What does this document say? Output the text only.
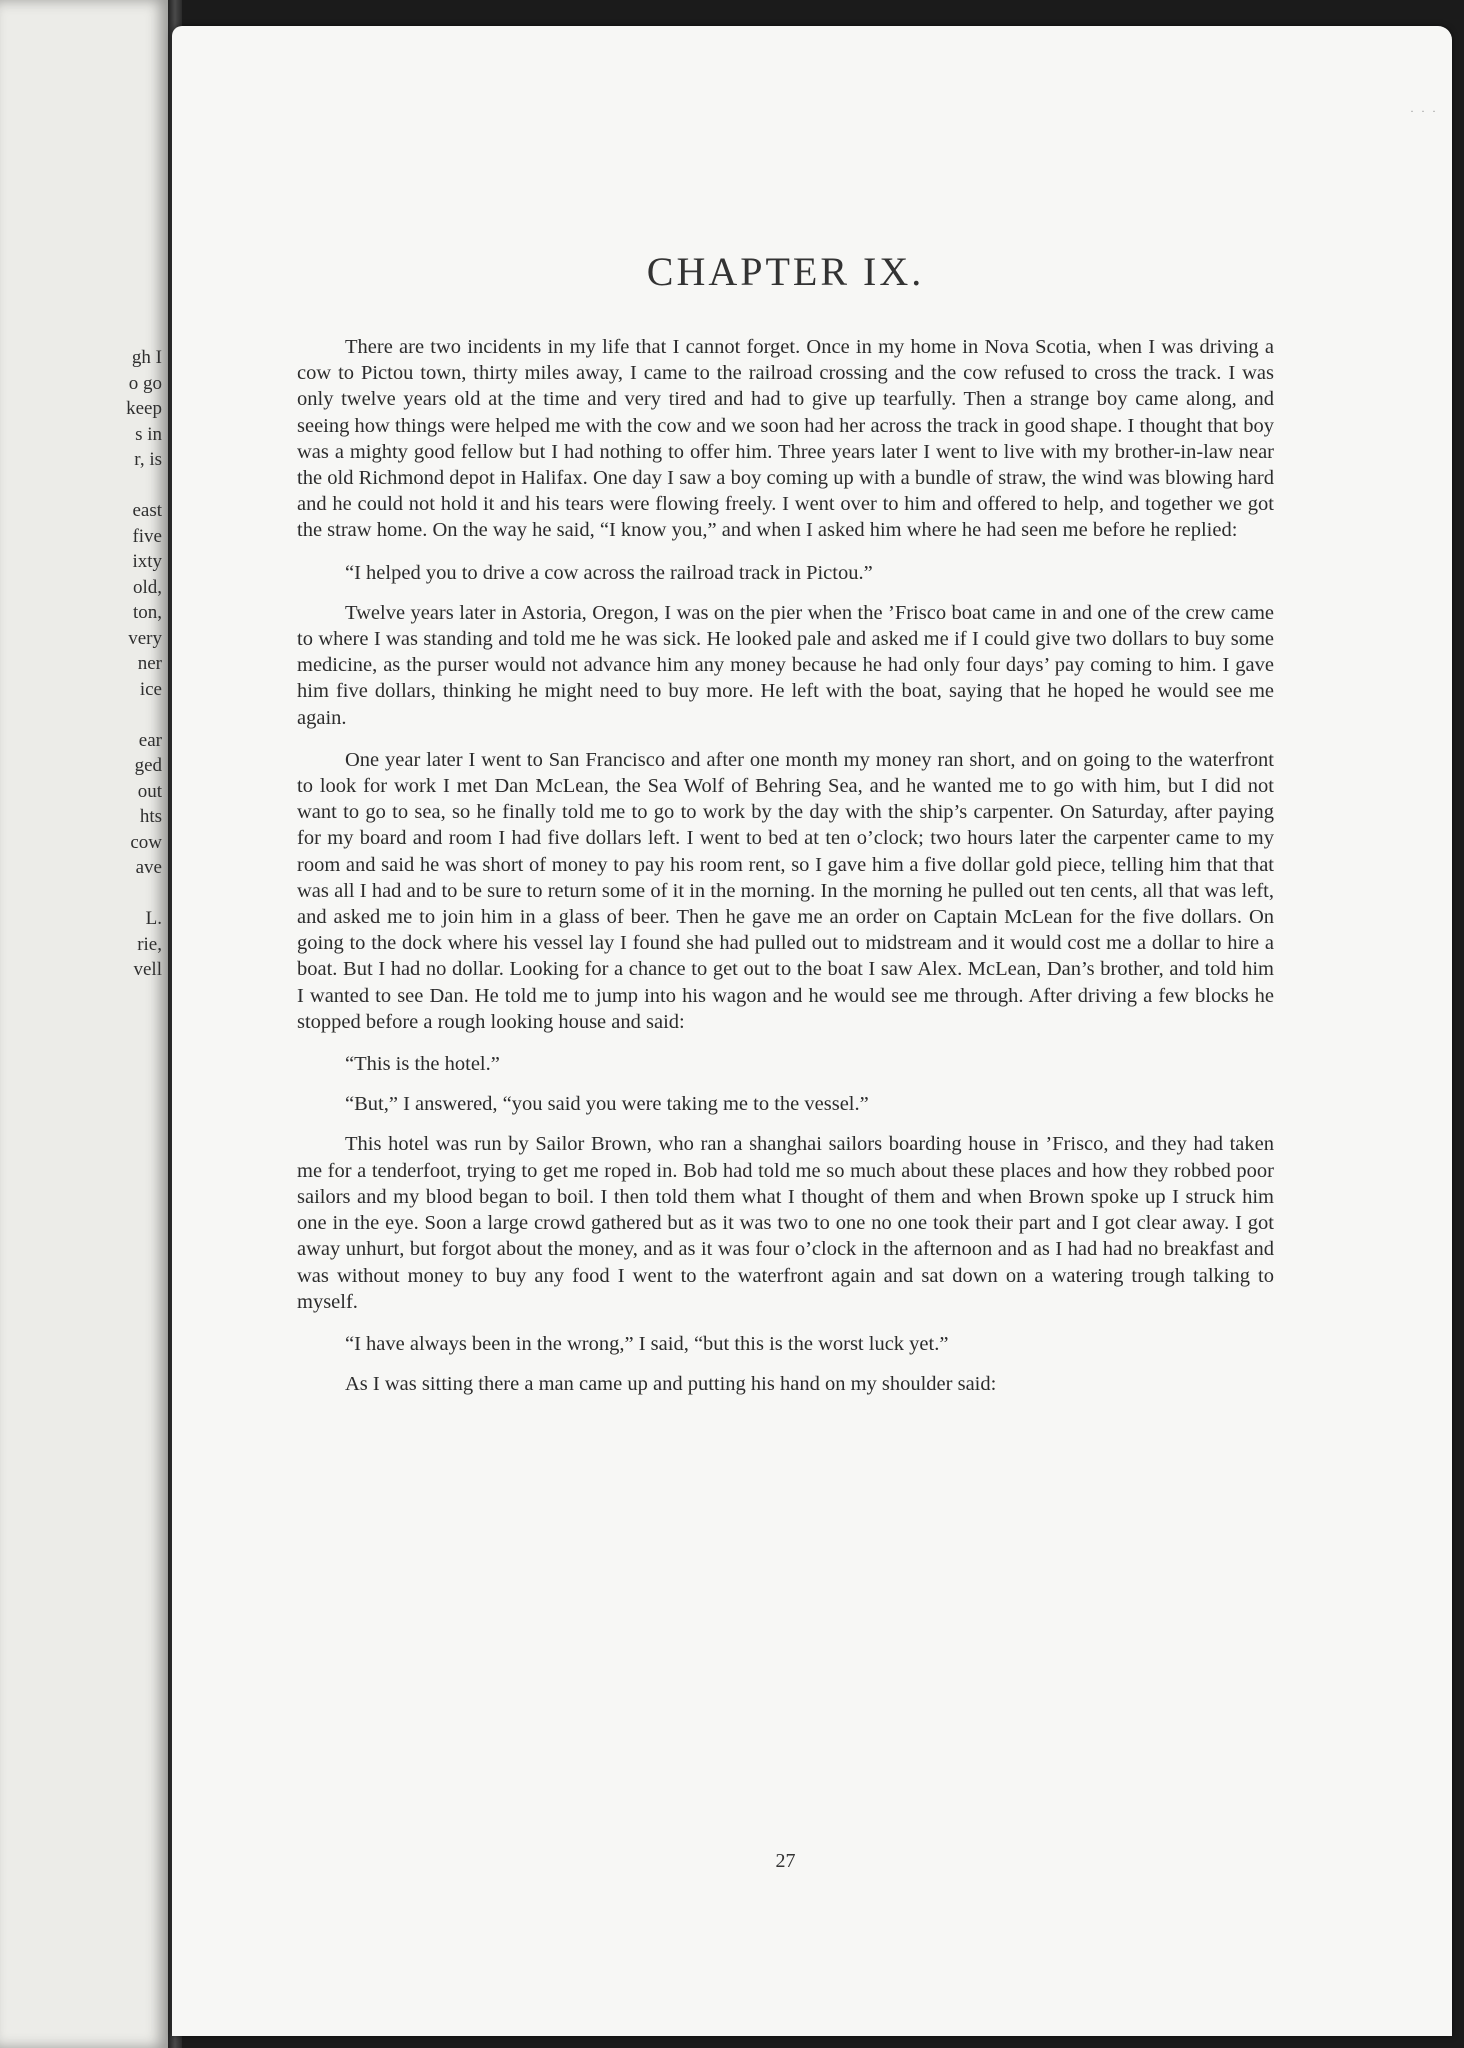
gh I
o go
keep
s in
r, is
east
five
ixty
old,
ton,
very
ner
ice
ear
ged
out
hts
cow
ave
L.
rie,
vell
· · ·
CHAPTER IX.

There are two incidents in my life that I cannot forget. Once in my home in Nova Scotia, when I was driving a cow to Pictou town, thirty miles away, I came to the railroad crossing and the cow refused to cross the track. I was only twelve years old at the time and very tired and had to give up tearfully. Then a strange boy came along, and seeing how things were helped me with the cow and we soon had her across the track in good shape. I thought that boy was a mighty good fellow but I had nothing to offer him. Three years later I went to live with my brother-in-law near the old Richmond depot in Halifax. One day I saw a boy coming up with a bundle of straw, the wind was blowing hard and he could not hold it and his tears were flowing freely. I went over to him and offered to help, and together we got the straw home. On the way he said, “I know you,” and when I asked him where he had seen me before he replied:

“I helped you to drive a cow across the railroad track in Pictou.”

Twelve years later in Astoria, Oregon, I was on the pier when the ’Frisco boat came in and one of the crew came to where I was standing and told me he was sick. He looked pale and asked me if I could give two dollars to buy some medicine, as the purser would not advance him any money because he had only four days’ pay coming to him. I gave him five dollars, thinking he might need to buy more. He left with the boat, saying that he hoped he would see me again.

One year later I went to San Francisco and after one month my money ran short, and on going to the waterfront to look for work I met Dan McLean, the Sea Wolf of Behring Sea, and he wanted me to go with him, but I did not want to go to sea, so he finally told me to go to work by the day with the ship’s carpenter. On Saturday, after paying for my board and room I had five dollars left. I went to bed at ten o’clock; two hours later the carpenter came to my room and said he was short of money to pay his room rent, so I gave him a five dollar gold piece, telling him that that was all I had and to be sure to return some of it in the morning. In the morning he pulled out ten cents, all that was left, and asked me to join him in a glass of beer. Then he gave me an order on Captain McLean for the five dollars. On going to the dock where his vessel lay I found she had pulled out to midstream and it would cost me a dollar to hire a boat. But I had no dollar. Looking for a chance to get out to the boat I saw Alex. McLean, Dan’s brother, and told him I wanted to see Dan. He told me to jump into his wagon and he would see me through. After driving a few blocks he stopped before a rough looking house and said:

“This is the hotel.”

“But,” I answered, “you said you were taking me to the vessel.”

This hotel was run by Sailor Brown, who ran a shanghai sailors boarding house in ’Frisco, and they had taken me for a tenderfoot, trying to get me roped in. Bob had told me so much about these places and how they robbed poor sailors and my blood began to boil. I then told them what I thought of them and when Brown spoke up I struck him one in the eye. Soon a large crowd gathered but as it was two to one no one took their part and I got clear away. I got away unhurt, but forgot about the money, and as it was four o’clock in the afternoon and as I had had no breakfast and was without money to buy any food I went to the waterfront again and sat down on a watering trough talking to myself.

“I have always been in the wrong,” I said, “but this is the worst luck yet.”

As I was sitting there a man came up and putting his hand on my shoulder said:

27
